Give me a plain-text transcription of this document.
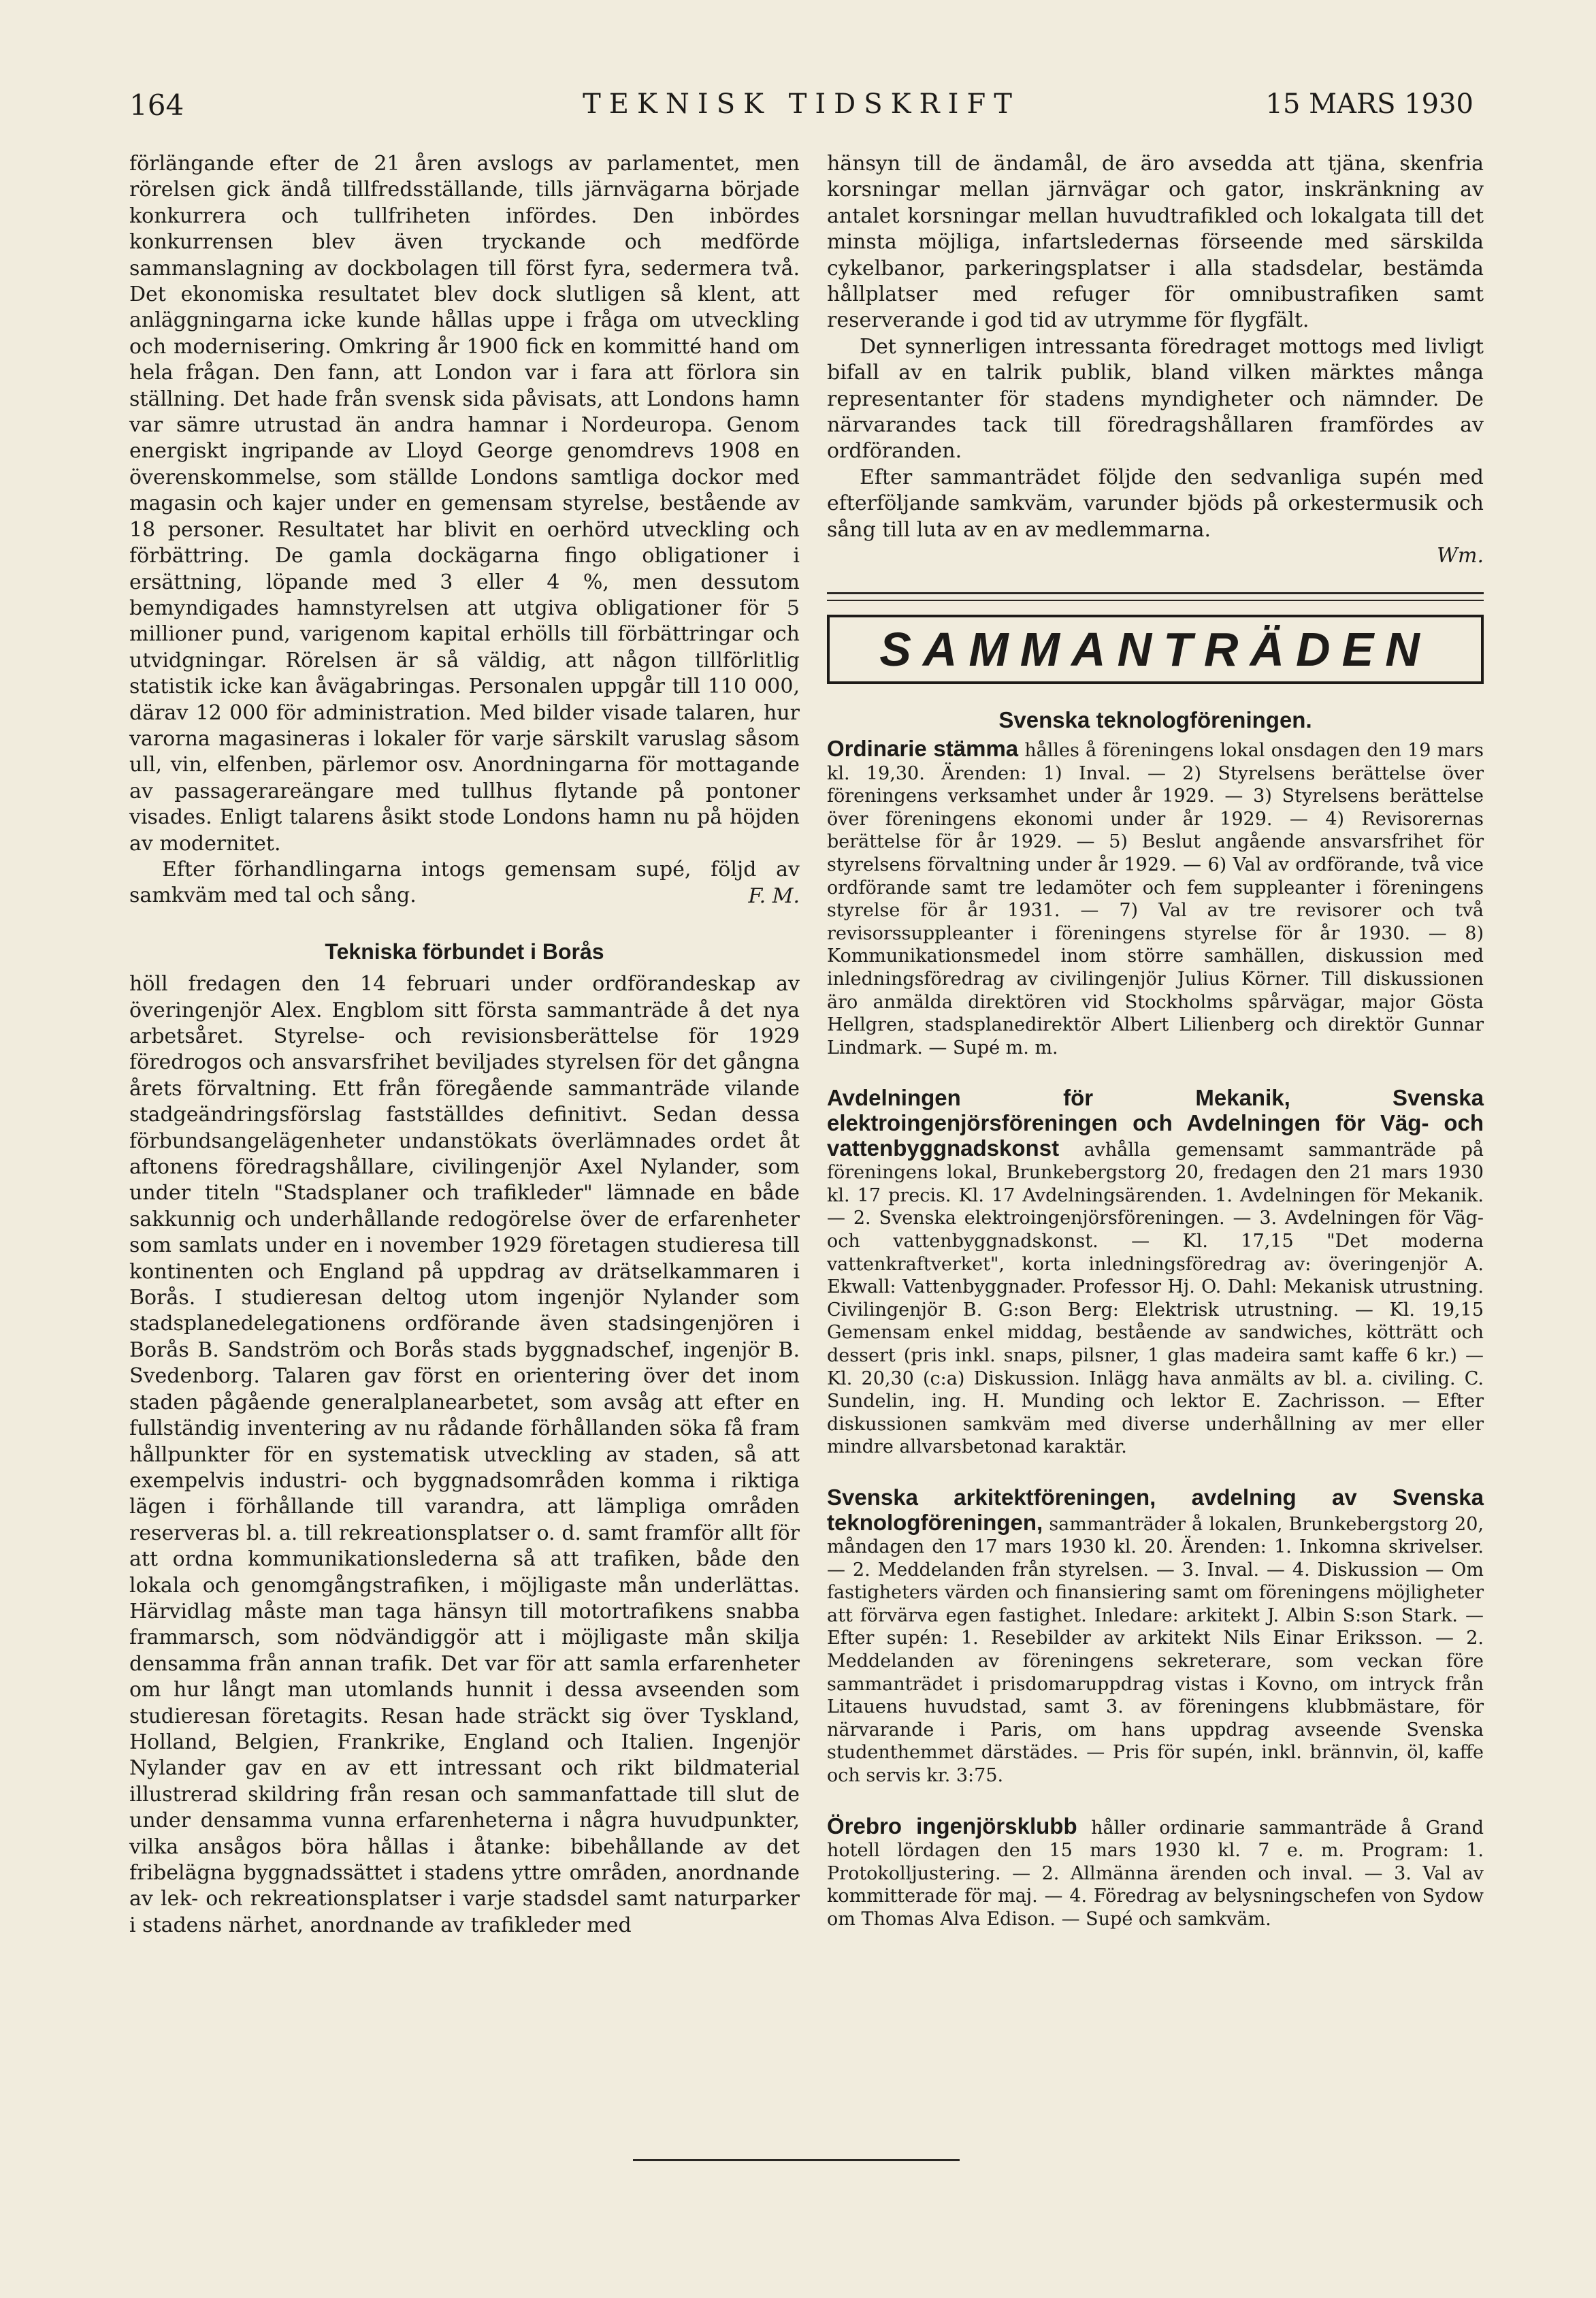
164	TEKNISK TIDSKRIFT	15 MARS 1930

förlängande efter de 21 åren avslogs av parlamentet, men rörelsen gick ändå tillfredsställande, tills järnvägarna började konkurrera och tullfriheten infördes. Den inbördes konkurrensen blev även tryckande och medförde sammanslagning av dockbolagen till först fyra, sedermera två. Det ekonomiska resultatet blev dock slutligen så klent, att anläggningarna icke kunde hållas uppe i fråga om utveckling och modernisering. Omkring år 1900 fick en kommitté hand om hela frågan. Den fann, att London var i fara att förlora sin ställning. Det hade från svensk sida påvisats, att Londons hamn var sämre utrustad än andra hamnar i Nordeuropa. Genom energiskt ingripande av Lloyd George genomdrevs 1908 en överenskommelse, som ställde Londons samtliga dockor med magasin och kajer under en gemensam styrelse, bestående av 18 personer. Resultatet har blivit en oerhörd utveckling och förbättring. De gamla dockägarna fingo obligationer i ersättning, löpande med 3 eller 4 %, men dessutom bemyndigades hamnstyrelsen att utgiva obligationer för 5 millioner pund, varigenom kapital erhölls till förbättringar och utvidgningar. Rörelsen är så väldig, att någon tillförlitlig statistik icke kan åvägabringas. Personalen uppgår till 110 000, därav 12 000 för administration. Med bilder visade talaren, hur varorna magasineras i lokaler för varje särskilt varuslag såsom ull, vin, elfenben, pärlemor osv. Anordningarna för mottagande av passagerareängare med tullhus flytande på pontoner visades. Enligt talarens åsikt stode Londons hamn nu på höjden av modernitet.

Efter förhandlingarna intogs gemensam supé, följd av samkväm med tal och sång.	F. M.

Tekniska förbundet i Borås

höll fredagen den 14 februari under ordförandeskap av överingenjör Alex. Engblom sitt första sammanträde å det nya arbetsåret. Styrelse- och revisionsberättelse för 1929 föredrogos och ansvarsfrihet beviljades styrelsen för det gångna årets förvaltning. Ett från föregående sammanträde vilande stadgeändringsförslag fastställdes definitivt. Sedan dessa förbundsangelägenheter undanstökats överlämnades ordet åt aftonens föredragshållare, civilingenjör Axel Nylander, som under titeln "Stadsplaner och trafikleder" lämnade en både sakkunnig och underhållande redogörelse över de erfarenheter som samlats under en i november 1929 företagen studieresa till kontinenten och England på uppdrag av drätselkammaren i Borås. I studieresan deltog utom ingenjör Nylander som stadsplanedelegationens ordförande även stadsingenjören i Borås B. Sandström och Borås stads byggnadschef, ingenjör B. Svedenborg. Talaren gav först en orientering över det inom staden pågående generalplanearbetet, som avsåg att efter en fullständig inventering av nu rådande förhållanden söka få fram hållpunkter för en systematisk utveckling av staden, så att exempelvis industri- och byggnadsområden komma i riktiga lägen i förhållande till varandra, att lämpliga områden reserveras bl. a. till rekreationsplatser o. d. samt framför allt för att ordna kommunikationslederna så att trafiken, både den lokala och genomgångstrafiken, i möjligaste mån underlättas. Härvidlag måste man taga hänsyn till motortrafikens snabba frammarsch, som nödvändiggör att i möjligaste mån skilja densamma från annan trafik. Det var för att samla erfarenheter om hur långt man utomlands hunnit i dessa avseenden som studieresan företagits. Resan hade sträckt sig över Tyskland, Holland, Belgien, Frankrike, England och Italien. Ingenjör Nylander gav en av ett intressant och rikt bildmaterial illustrerad skildring från resan och sammanfattade till slut de under densamma vunna erfarenheterna i några huvudpunkter, vilka ansågos böra hållas i åtanke: bibehållande av det fribelägna byggnadssättet i stadens yttre områden, anordnande av lek- och rekreationsplatser i varje stadsdel samt naturparker i stadens närhet, anordnande av trafikleder med

hänsyn till de ändamål, de äro avsedda att tjäna, skenfria korsningar mellan järnvägar och gator, inskränkning av antalet korsningar mellan huvudtrafikled och lokalgata till det minsta möjliga, infartsledernas förseende med särskilda cykelbanor, parkeringsplatser i alla stadsdelar, bestämda hållplatser med refuger för omnibustrafiken samt reserverande i god tid av utrymme för flygfält.

Det synnerligen intressanta föredraget mottogs med livligt bifall av en talrik publik, bland vilken märktes många representanter för stadens myndigheter och nämnder. De närvarandes tack till föredragshållaren framfördes av ordföranden.

Efter sammanträdet följde den sedvanliga supén med efterföljande samkväm, varunder bjöds på orkestermusik och sång till luta av en av medlemmarna.

Wm.
SAMMANTRÄDEN
Svenska teknologföreningen.

Ordinarie stämma hålles å föreningens lokal onsdagen den 19 mars kl. 19,30. Ärenden: 1) Inval. — 2) Styrelsens berättelse över föreningens verksamhet under år 1929. — 3) Styrelsens berättelse över föreningens ekonomi under år 1929. — 4) Revisorernas berättelse för år 1929. — 5) Beslut angående ansvarsfrihet för styrelsens förvaltning under år 1929. — 6) Val av ordförande, två vice ordförande samt tre ledamöter och fem suppleanter i föreningens styrelse för år 1931. — 7) Val av tre revisorer och två revisorssuppleanter i föreningens styrelse för år 1930. — 8) Kommunikationsmedel inom större samhällen, diskussion med inledningsföredrag av civilingenjör Julius Körner. Till diskussionen äro anmälda direktören vid Stockholms spårvägar, major Gösta Hellgren, stadsplanedirektör Albert Lilienberg och direktör Gunnar Lindmark. — Supé m. m.

Avdelningen för Mekanik, Svenska elektroingenjörsföreningen och Avdelningen för Väg- och vattenbyggnadskonst avhålla gemensamt sammanträde på föreningens lokal, Brunkebergstorg 20, fredagen den 21 mars 1930 kl. 17 precis. Kl. 17 Avdelningsärenden. 1. Avdelningen för Mekanik. — 2. Svenska elektroingenjörsföreningen. — 3. Avdelningen för Väg- och vattenbyggnadskonst. — Kl. 17,15 "Det moderna vattenkraftverket", korta inledningsföredrag av: överingenjör A. Ekwall: Vattenbyggnader. Professor Hj. O. Dahl: Mekanisk utrustning. Civilingenjör B. G:son Berg: Elektrisk utrustning. — Kl. 19,15 Gemensam enkel middag, bestående av sandwiches, kötträtt och dessert (pris inkl. snaps, pilsner, 1 glas madeira samt kaffe 6 kr.) — Kl. 20,30 (c:a) Diskussion. Inlägg hava anmälts av bl. a. civiling. C. Sundelin, ing. H. Munding och lektor E. Zachrisson. — Efter diskussionen samkväm med diverse underhållning av mer eller mindre allvarsbetonad karaktär.

Svenska arkitektföreningen, avdelning av Svenska teknologföreningen, sammanträder å lokalen, Brunkebergstorg 20, måndagen den 17 mars 1930 kl. 20. Ärenden: 1. Inkomna skrivelser. — 2. Meddelanden från styrelsen. — 3. Inval. — 4. Diskussion — Om fastigheters värden och finansiering samt om föreningens möjligheter att förvärva egen fastighet. Inledare: arkitekt J. Albin S:son Stark. — Efter supén: 1. Resebilder av arkitekt Nils Einar Eriksson. — 2. Meddelanden av föreningens sekreterare, som veckan före sammanträdet i prisdomaruppdrag vistas i Kovno, om intryck från Litauens huvudstad, samt 3. av föreningens klubbmästare, för närvarande i Paris, om hans uppdrag avseende Svenska studenthemmet därstädes. — Pris för supén, inkl. brännvin, öl, kaffe och servis kr. 3:75.

Örebro ingenjörsklubb håller ordinarie sammanträde å Grand hotell lördagen den 15 mars 1930 kl. 7 e. m. Program: 1. Protokolljustering. — 2. Allmänna ärenden och inval. — 3. Val av kommitterade för maj. — 4. Föredrag av belysningschefen von Sydow om Thomas Alva Edison. — Supé och samkväm.
